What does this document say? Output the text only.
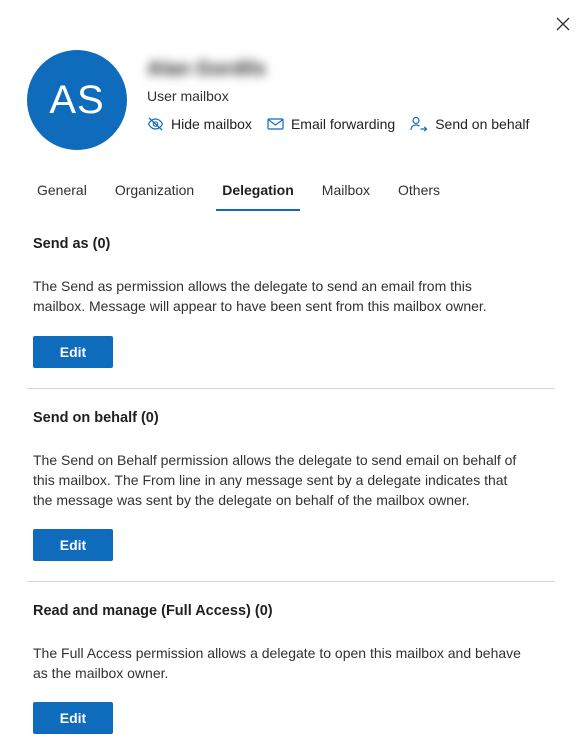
AS
Alan Gordils
User mailbox
Hide mailbox	Email forwarding	Send on behalf
General	Organization	Delegation	Mailbox	Others
Send as (0)
The Send as permission allows the delegate to send an email from this
mailbox. Message will appear to have been sent from this mailbox owner.
Edit
Send on behalf (0)
The Send on Behalf permission allows the delegate to send email on behalf of
this mailbox. The From line in any message sent by a delegate indicates that
the message was sent by the delegate on behalf of the mailbox owner.
Edit
Read and manage (Full Access) (0)
The Full Access permission allows a delegate to open this mailbox and behave
as the mailbox owner.
Edit
